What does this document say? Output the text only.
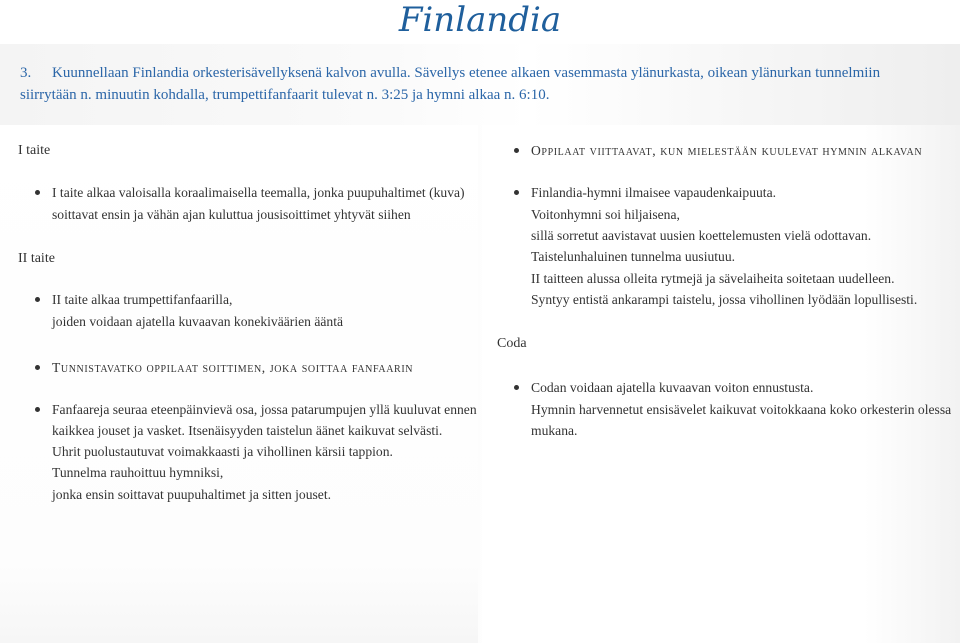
Finlandia
3. Kuunnellaan Finlandia orkesterisävellyksenä kalvon avulla. Sävellys etenee alkaen vasemmasta ylänurkasta, oikean ylänurkan tunnelmiin
siirrytään n. minuutin kohdalla, trumpettifanfaarit tulevat n. 3:25 ja hymni alkaa n. 6:10.
I taite
I taite alkaa valoisalla koraalimaisella teemalla, jonka puupuhaltimet (kuva)
soittavat ensin ja vähän ajan kuluttua jousisoittimet yhtyvät siihen
II taite
II taite alkaa trumpettifanfaarilla,
joiden voidaan ajatella kuvaavan konekiväärien ääntä
Tunnistavatko oppilaat soittimen, joka soittaa fanfaarin
Fanfaareja seuraa eteenpäinvievä osa, jossa patarumpujen yllä kuuluvat ennen
kaikkea jouset ja vasket. Itsenäisyyden taistelun äänet kaikuvat selvästi.
Uhrit puolustautuvat voimakkaasti ja vihollinen kärsii tappion.
Tunnelma rauhoittuu hymniksi,
jonka ensin soittavat puupuhaltimet ja sitten jouset.
Oppilaat viittaavat, kun mielestään kuulevat hymnin alkavan
Finlandia-hymni ilmaisee vapaudenkaipuuta.
Voitonhymni soi hiljaisena,
sillä sorretut aavistavat uusien koettelemusten vielä odottavan.
Taistelunhaluinen tunnelma uusiutuu.
II taitteen alussa olleita rytmejä ja sävelaiheita soitetaan uudelleen.
Syntyy entistä ankarampi taistelu, jossa vihollinen lyödään lopullisesti.
Coda
Codan voidaan ajatella kuvaavan voiton ennustusta.
Hymnin harvennetut ensisävelet kaikuvat voitokkaana koko orkesterin olessa
mukana.
